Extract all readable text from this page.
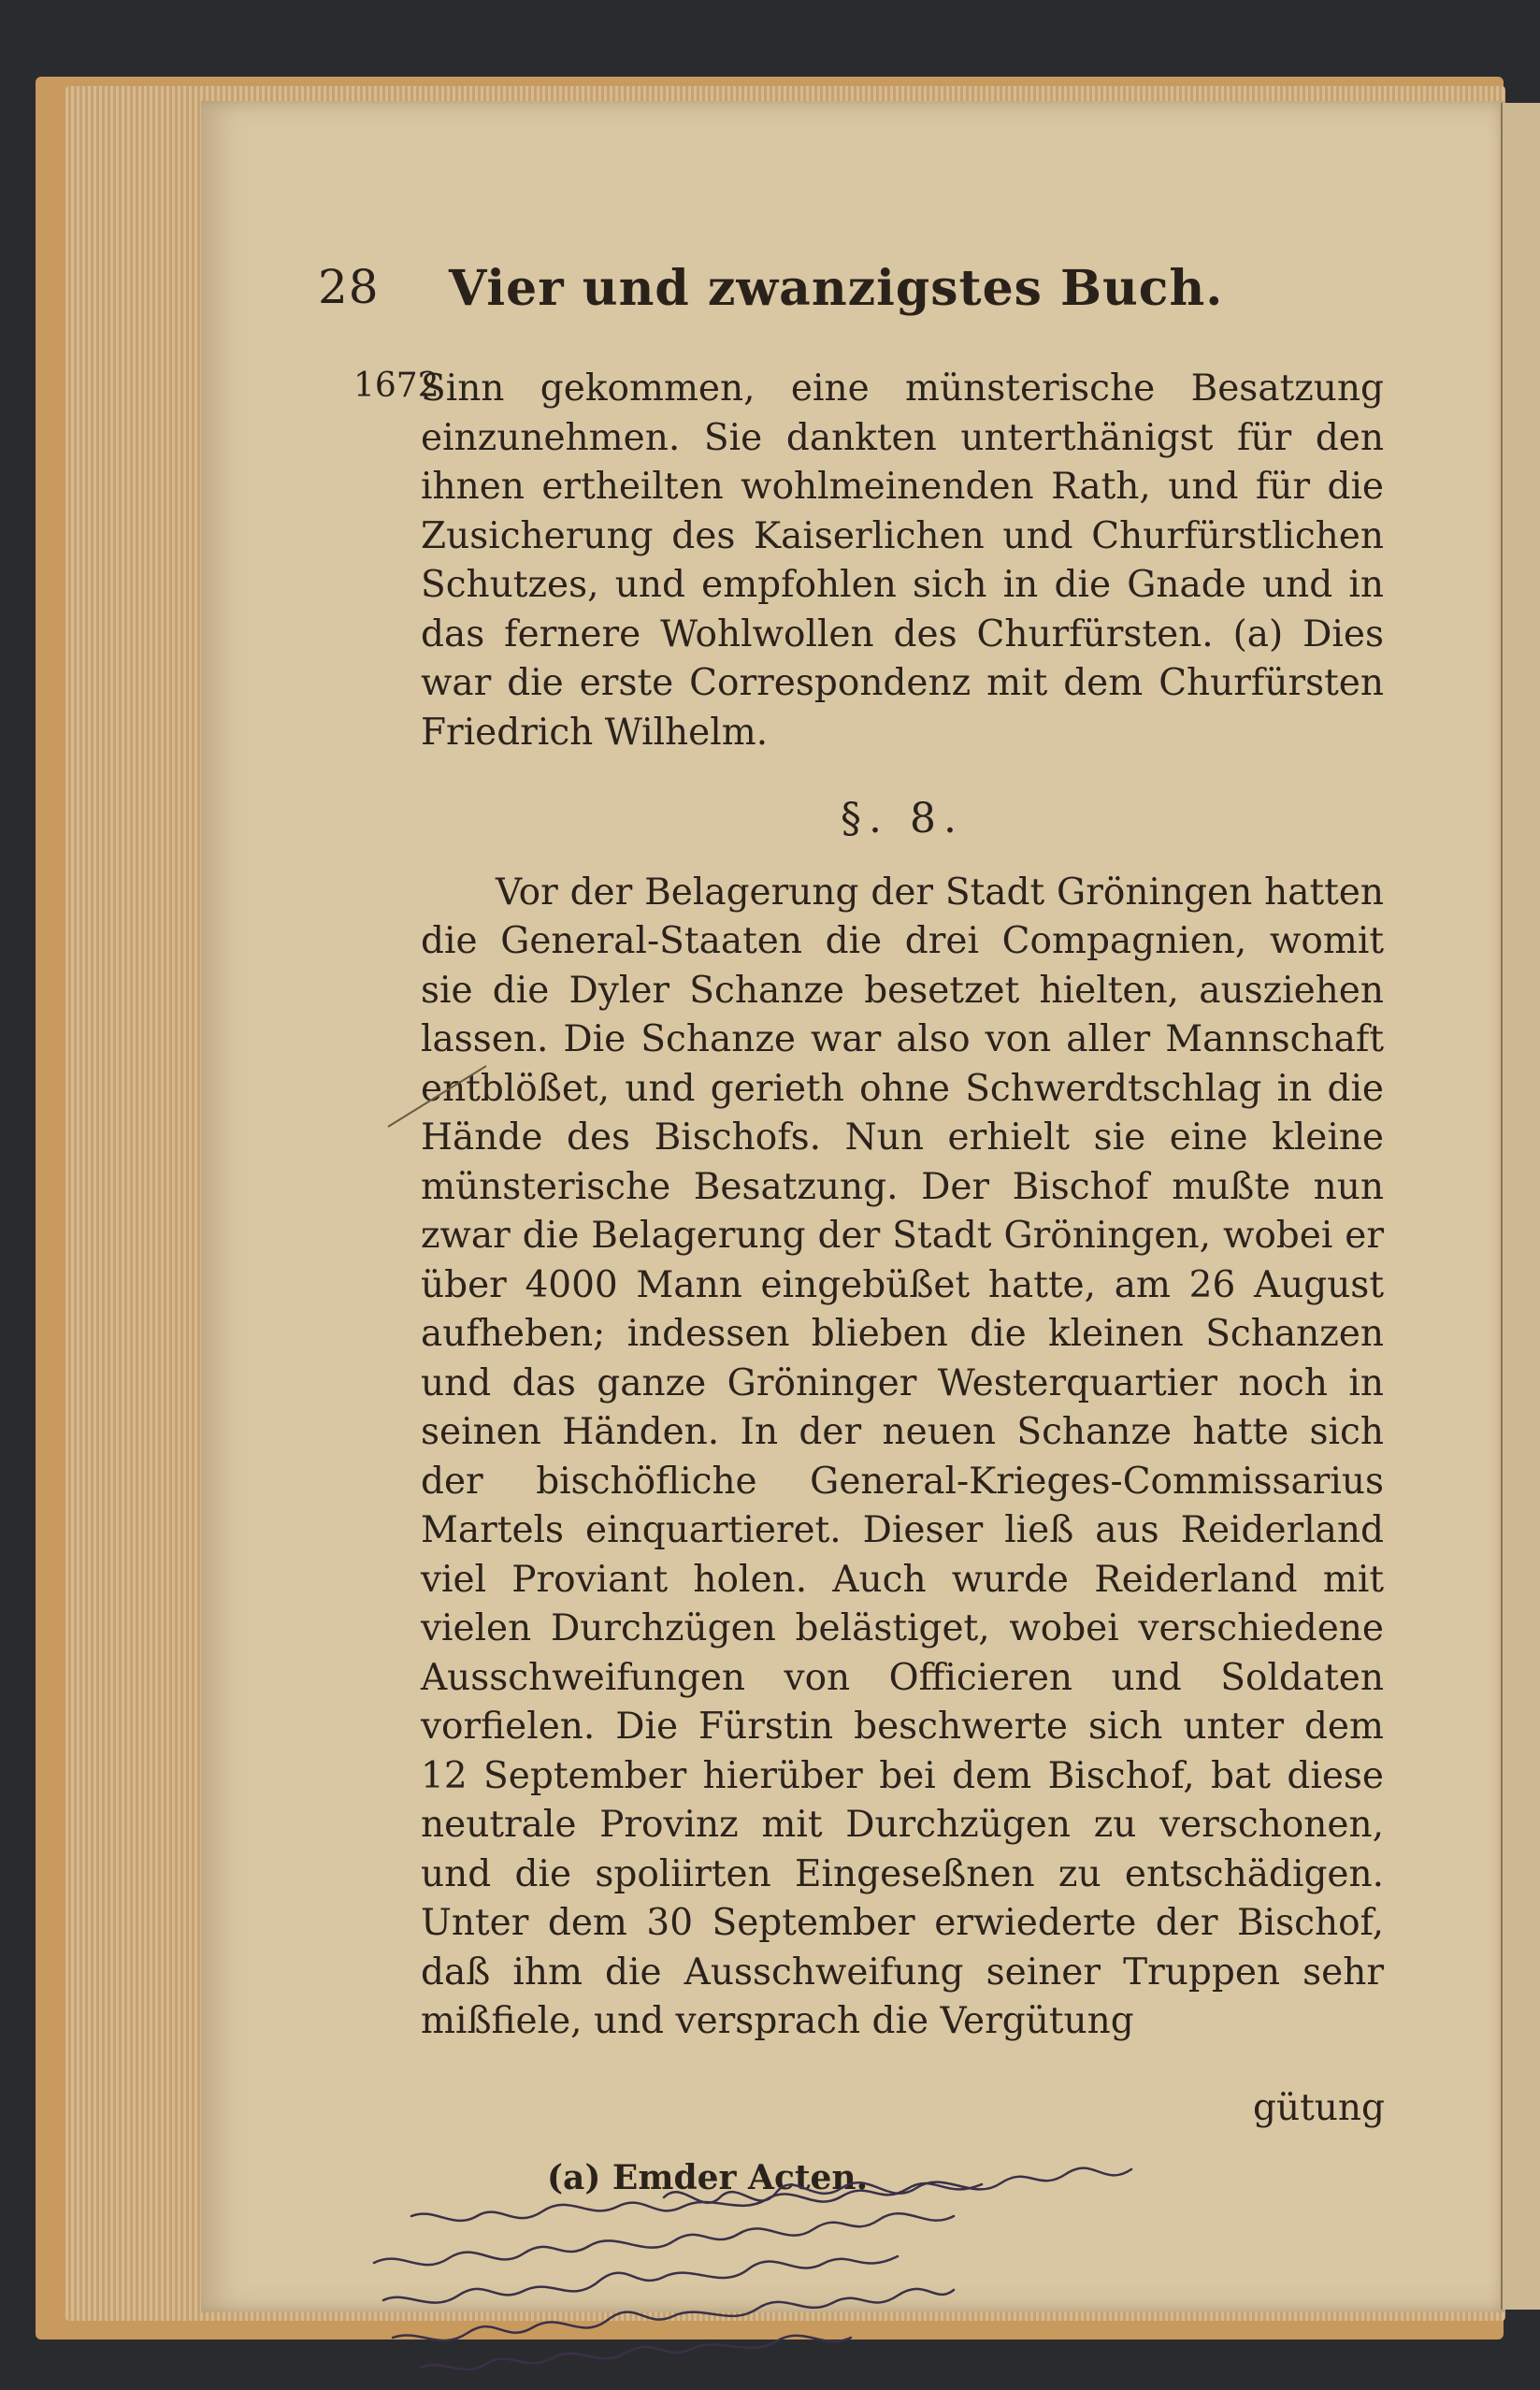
28 Vier und zwanzigstes Buch.
1672

Sinn gekommen, eine münsterische Besatzung einzunehmen. Sie dankten unterthänigst für den ihnen ertheilten wohlmeinenden Rath, und für die Zusicherung des Kaiserlichen und Churfürstlichen Schutzes, und empfohlen sich in die Gnade und in das fernere Wohlwollen des Churfürsten. (a) Dies war die erste Correspondenz mit dem Churfürsten Friedrich Wilhelm.

§. 8.

Vor der Belagerung der Stadt Gröningen hatten die General-Staaten die drei Compagnien, womit sie die Dyler Schanze besetzet hielten, ausziehen lassen. Die Schanze war also von aller Mannschaft entblößet, und gerieth ohne Schwerdtschlag in die Hände des Bischofs. Nun erhielt sie eine kleine münsterische Besatzung. Der Bischof mußte nun zwar die Belagerung der Stadt Gröningen, wobei er über 4000 Mann eingebüßet hatte, am 26 August aufheben; indessen blieben die kleinen Schanzen und das ganze Gröninger Westerquartier noch in seinen Händen. In der neuen Schanze hatte sich der bischöfliche General-Krieges-Commissarius Martels einquartieret. Dieser ließ aus Reiderland viel Proviant holen. Auch wurde Reiderland mit vielen Durchzügen belästiget, wobei verschiedene Ausschweifungen von Officieren und Soldaten vorfielen. Die Fürstin beschwerte sich unter dem 12 September hierüber bei dem Bischof, bat diese neutrale Provinz mit Durchzügen zu verschonen, und die spoliirten Eingeseßnen zu entschädigen. Unter dem 30 September erwiederte der Bischof, daß ihm die Ausschweifung seiner Truppen sehr mißfiele, und versprach die Vergütung

gütung
(a) Emder Acten.
